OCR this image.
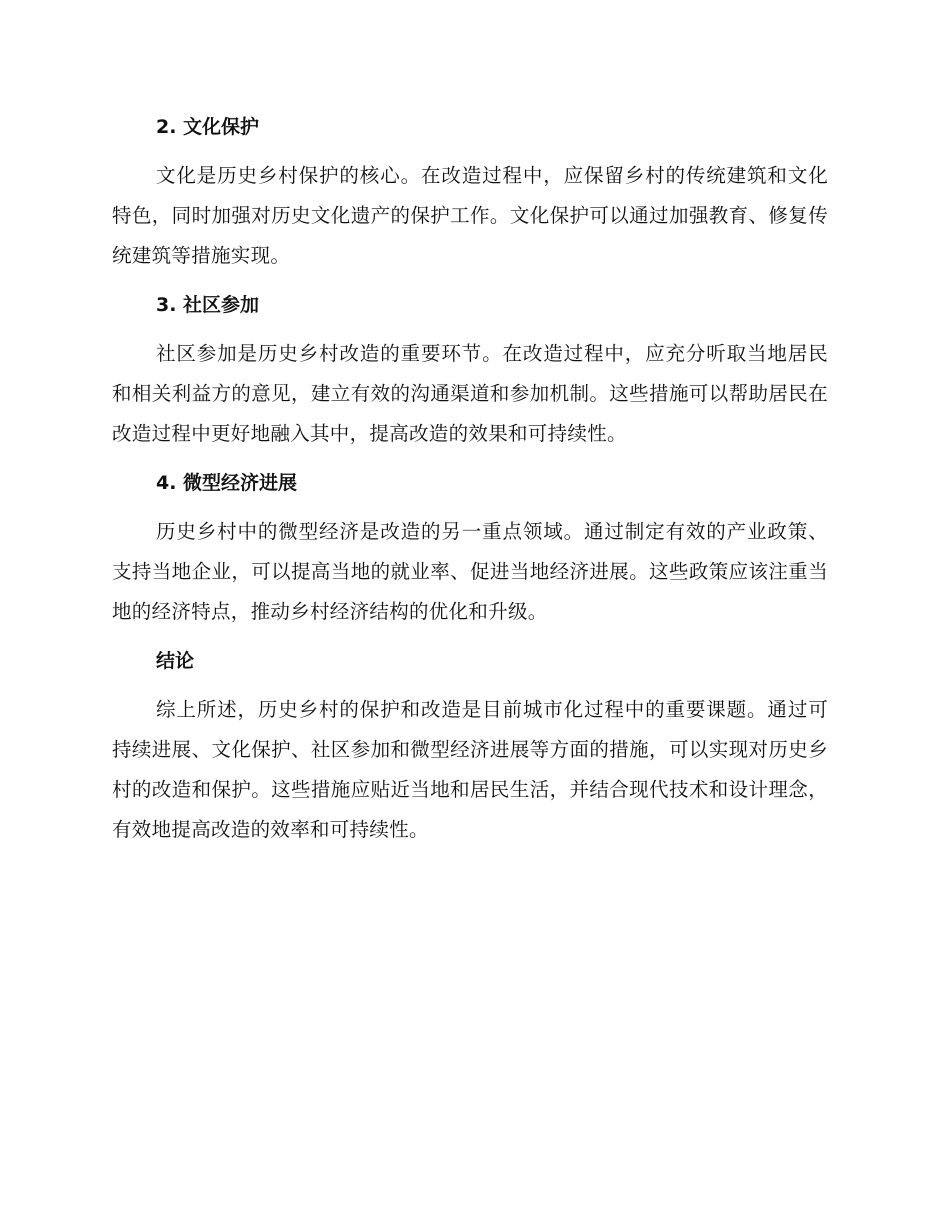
2. 文化保护

文化是历史乡村保护的核心。在改造过程中，应保留乡村的传统建筑和文化特色，同时加强对历史文化遗产的保护工作。文化保护可以通过加强教育、修复传统建筑等措施实现。

3. 社区参加

社区参加是历史乡村改造的重要环节。在改造过程中，应充分听取当地居民和相关利益方的意见，建立有效的沟通渠道和参加机制。这些措施可以帮助居民在改造过程中更好地融入其中，提高改造的效果和可持续性。

4. 微型经济进展

历史乡村中的微型经济是改造的另一重点领域。通过制定有效的产业政策、支持当地企业，可以提高当地的就业率、促进当地经济进展。这些政策应该注重当地的经济特点，推动乡村经济结构的优化和升级。

结论

综上所述，历史乡村的保护和改造是目前城市化过程中的重要课题。通过可持续进展、文化保护、社区参加和微型经济进展等方面的措施，可以实现对历史乡村的改造和保护。这些措施应贴近当地和居民生活，并结合现代技术和设计理念，有效地提高改造的效率和可持续性。
